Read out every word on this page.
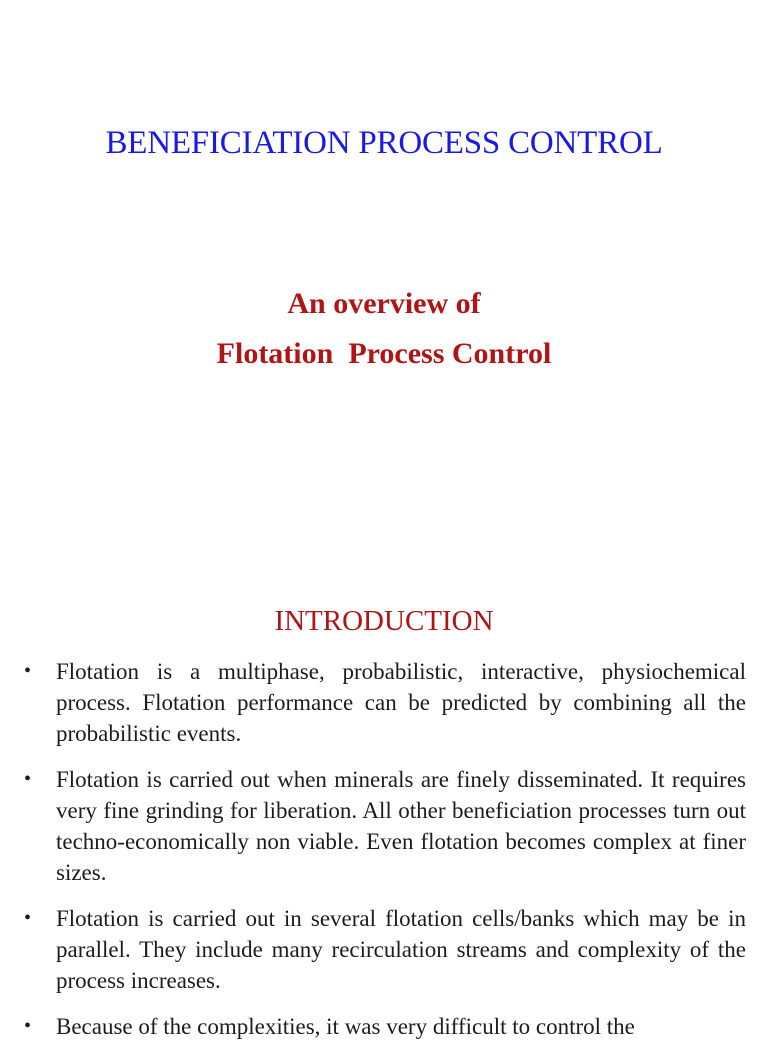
BENEFICIATION PROCESS CONTROL
An overview of
Flotation  Process Control
INTRODUCTION
• Flotation is a multiphase, probabilistic, interactive, physiochemical process. Flotation performance can be predicted by combining all the probabilistic events.
• Flotation is carried out when minerals are finely disseminated. It requires very fine grinding for liberation. All other beneficiation processes turn out techno-economically non viable. Even flotation becomes complex at finer sizes.
• Flotation is carried out in several flotation cells/banks which may be in parallel. They include many recirculation streams and complexity of the process increases.
• Because of the complexities, it was very difficult to control the
